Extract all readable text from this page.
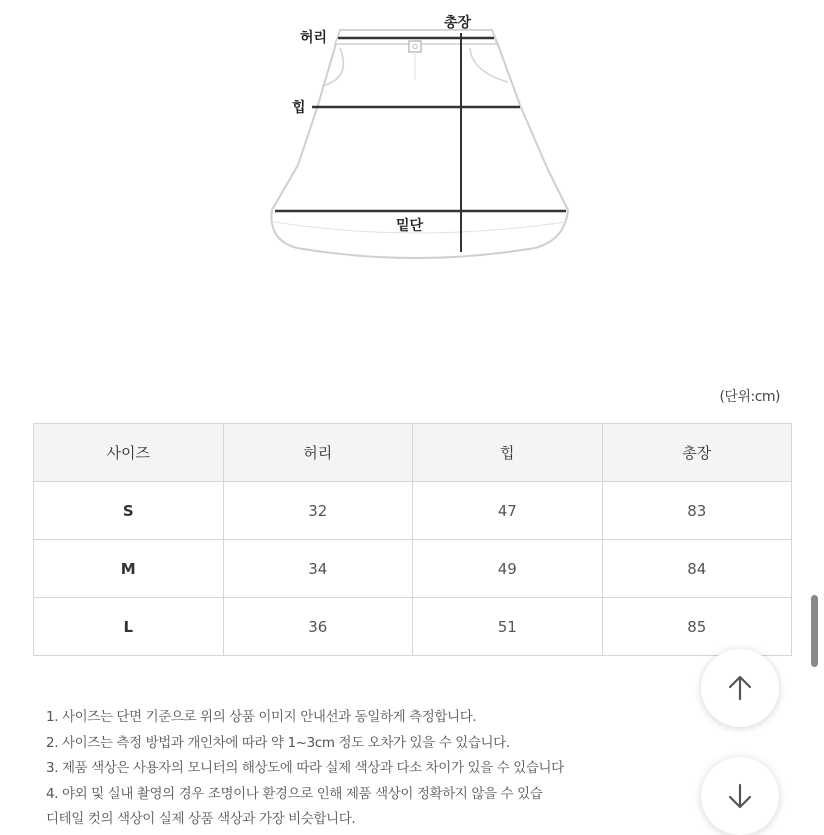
허리
총장
힙
밑단
(단위:cm)
사이즈	허리	힙	총장
S	32	47	83
M	34	49	84
L	36	51	85
1. 사이즈는 단면 기준으로 위의 상품 이미지 안내선과 동일하게 측정합니다.
2. 사이즈는 측정 방법과 개인차에 따라 약 1~3cm 정도 오차가 있을 수 있습니다.
3. 제품 색상은 사용자의 모니터의 해상도에 따라 실제 색상과 다소 차이가 있을 수 있습니다
4. 야외 및 실내 촬영의 경우 조명이나 환경으로 인해 제품 색상이 정확하지 않을 수 있습
디테일 컷의 색상이 실제 상품 색상과 가장 비슷합니다.
